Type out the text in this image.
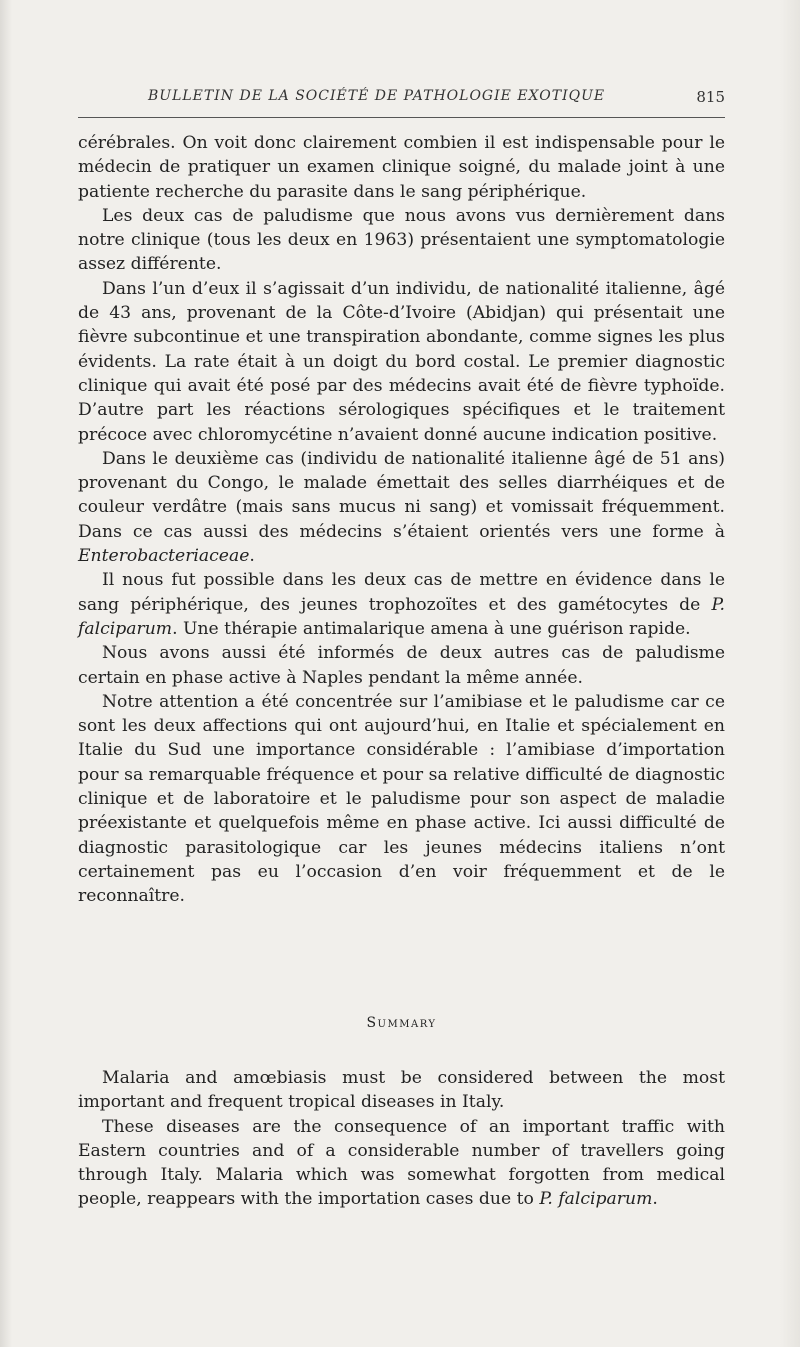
BULLETIN DE LA SOCIÉTÉ DE PATHOLOGIE EXOTIQUE	815

cérébrales. On voit donc clairement combien il est indispensable pour le médecin de pratiquer un examen clinique soigné, du malade joint à une patiente recherche du parasite dans le sang périphérique.

Les deux cas de paludisme que nous avons vus dernièrement dans notre clinique (tous les deux en 1963) présentaient une symptomatologie assez différente.

Dans l’un d’eux il s’agissait d’un individu, de nationalité italienne, âgé de 43 ans, provenant de la Côte-d’Ivoire (Abidjan) qui présentait une fièvre subcontinue et une transpiration abondante, comme signes les plus évidents. La rate était à un doigt du bord costal. Le premier diagnostic clinique qui avait été posé par des médecins avait été de fièvre typhoïde. D’autre part les réactions sérologiques spécifiques et le traitement précoce avec chloromycétine n’avaient donné aucune indication positive.

Dans le deuxième cas (individu de nationalité italienne âgé de 51 ans) provenant du Congo, le malade émettait des selles diarrhéiques et de couleur verdâtre (mais sans mucus ni sang) et vomissait fréquemment. Dans ce cas aussi des médecins s’étaient orientés vers une forme à Enterobacteriaceae.

Il nous fut possible dans les deux cas de mettre en évidence dans le sang périphérique, des jeunes trophozoïtes et des gamétocytes de P. falciparum. Une thérapie antimalarique amena à une guérison rapide.

Nous avons aussi été informés de deux autres cas de paludisme certain en phase active à Naples pendant la même année.

Notre attention a été concentrée sur l’amibiase et le paludisme car ce sont les deux affections qui ont aujourd’hui, en Italie et spécialement en Italie du Sud une importance considérable : l’amibiase d’importation pour sa remarquable fréquence et pour sa relative difficulté de diagnostic clinique et de laboratoire et le paludisme pour son aspect de maladie préexistante et quelquefois même en phase active. Ici aussi difficulté de diagnostic parasitologique car les jeunes médecins italiens n’ont certainement pas eu l’occasion d’en voir fréquemment et de le reconnaître.

Summary

Malaria and amœbiasis must be considered between the most important and frequent tropical diseases in Italy.

These diseases are the consequence of an important traffic with Eastern countries and of a considerable number of travellers going through Italy. Malaria which was somewhat forgotten from medical people, reappears with the importation cases due to P. falciparum.
